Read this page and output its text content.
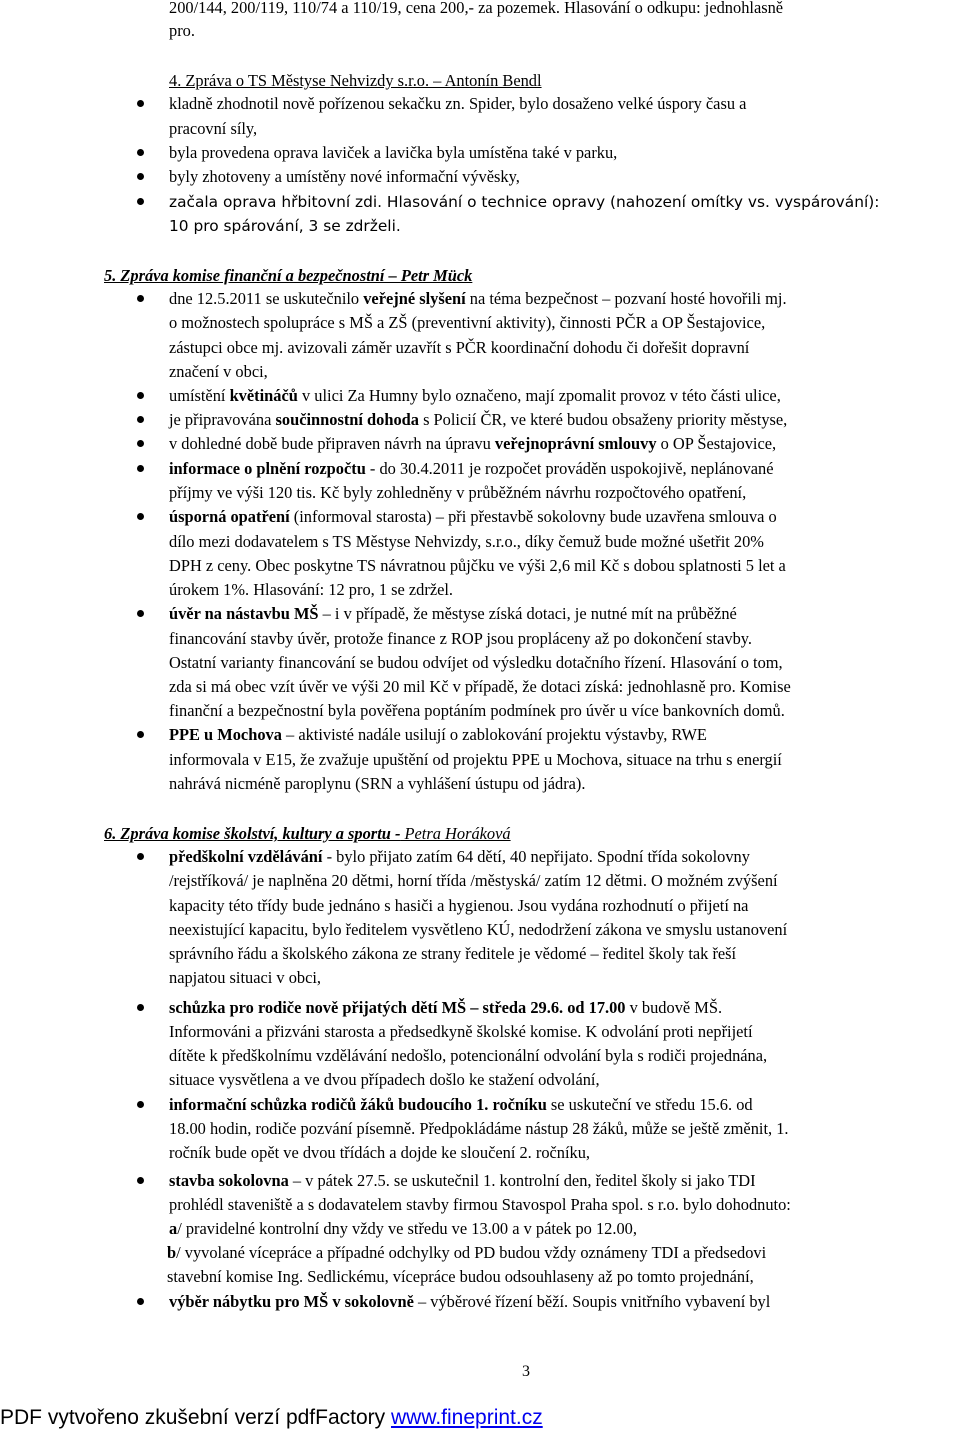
200/144, 200/119, 110/74 a 110/19, cena 200,- za pozemek. Hlasování o odkupu: jednohlasně
pro.
4. Zpráva o TS Městyse Nehvizdy s.r.o. – Antonín Bendl
kladně zhodnotil nově pořízenou sekačku zn. Spider, bylo dosaženo velké úspory času a
pracovní síly,
byla provedena oprava laviček a lavička byla umístěna také v parku,
byly zhotoveny a umístěny nové informační vývěsky,
začala oprava hřbitovní zdi. Hlasování o technice opravy (nahození omítky vs. vyspárování):
10 pro spárování, 3 se zdrželi.
5. Zpráva komise finanční a bezpečnostní – Petr Mück
dne 12.5.2011 se uskutečnilo veřejné slyšení na téma bezpečnost – pozvaní hosté hovořili mj.
o možnostech spolupráce s MŠ a ZŠ (preventivní aktivity), činnosti PČR a OP Šestajovice,
zástupci obce mj. avizovali záměr uzavřít s PČR koordinační dohodu či dořešit dopravní
značení v obci,
umístění květináčů v ulici Za Humny bylo označeno, mají zpomalit provoz v této části ulice,
je připravována součinnostní dohoda s Policií ČR, ve které budou obsaženy priority městyse,
v dohledné době bude připraven návrh na úpravu veřejnoprávní smlouvy o OP Šestajovice,
informace o plnění rozpočtu - do 30.4.2011 je rozpočet prováděn uspokojivě, neplánované
příjmy ve výši 120 tis. Kč byly zohledněny v průběžném návrhu rozpočtového opatření,
úsporná opatření (informoval starosta) – při přestavbě sokolovny bude uzavřena smlouva o
dílo mezi dodavatelem s TS Městyse Nehvizdy, s.r.o., díky čemuž bude možné ušetřit 20%
DPH z ceny. Obec poskytne TS návratnou půjčku ve výši 2,6 mil Kč s dobou splatnosti 5 let a
úrokem 1%. Hlasování: 12 pro, 1 se zdržel.
úvěr na nástavbu MŠ – i v případě, že městyse získá dotaci, je nutné mít na průběžné
financování stavby úvěr, protože finance z ROP jsou propláceny až po dokončení stavby.
Ostatní varianty financování se budou odvíjet od výsledku dotačního řízení. Hlasování o tom,
zda si má obec vzít úvěr ve výši 20 mil Kč v případě, že dotaci získá: jednohlasně pro. Komise
finanční a bezpečnostní byla pověřena poptáním podmínek pro úvěr u více bankovních domů.
PPE u Mochova – aktivisté nadále usilují o zablokování projektu výstavby, RWE
informovala v E15, že zvažuje upuštění od projektu PPE u Mochova, situace na trhu s energií
nahrává nicméně paroplynu (SRN a vyhlášení ústupu od jádra).
6. Zpráva komise školství, kultury a sportu - Petra Horáková
předškolní vzdělávání - bylo přijato zatím 64 dětí, 40 nepřijato. Spodní třída sokolovny
/rejstříková/ je naplněna 20 dětmi, horní třída /městyská/ zatím 12 dětmi. O možném zvýšení
kapacity této třídy bude jednáno s hasiči a hygienou. Jsou vydána rozhodnutí o přijetí na
neexistující kapacitu, bylo ředitelem vysvětleno KÚ, nedodržení zákona ve smyslu ustanovení
správního řádu a školského zákona ze strany ředitele je vědomé – ředitel školy tak řeší
napjatou situaci v obci,
schůzka pro rodiče nově přijatých dětí MŠ – středa 29.6. od 17.00 v budově MŠ.
Informováni a přizváni starosta a předsedkyně školské komise. K odvolání proti nepřijetí
dítěte k předškolnímu vzdělávání nedošlo, potencionální odvolání byla s rodiči projednána,
situace vysvětlena a ve dvou případech došlo ke stažení odvolání,
informační schůzka rodičů žáků budoucího 1. ročníku se uskuteční ve středu 15.6. od
18.00 hodin, rodiče pozvání písemně. Předpokládáme nástup 28 žáků, může se ještě změnit, 1.
ročník bude opět ve dvou třídách a dojde ke sloučení 2. ročníku,
stavba sokolovna – v pátek 27.5. se uskutečnil 1. kontrolní den, ředitel školy si jako TDI
prohlédl staveniště a s dodavatelem stavby firmou Stavospol Praha spol. s r.o. bylo dohodnuto:
a/ pravidelné kontrolní dny vždy ve středu ve 13.00 a v pátek po 12.00,
b/ vyvolané vícepráce a případné odchylky od PD budou vždy oznámeny TDI a předsedovi
stavební komise Ing. Sedlickému, vícepráce budou odsouhlaseny až po tomto projednání,
výběr nábytku pro MŠ v sokolovně – výběrové řízení běží. Soupis vnitřního vybavení byl
3
PDF vytvořeno zkušební verzí pdfFactory www.fineprint.cz
